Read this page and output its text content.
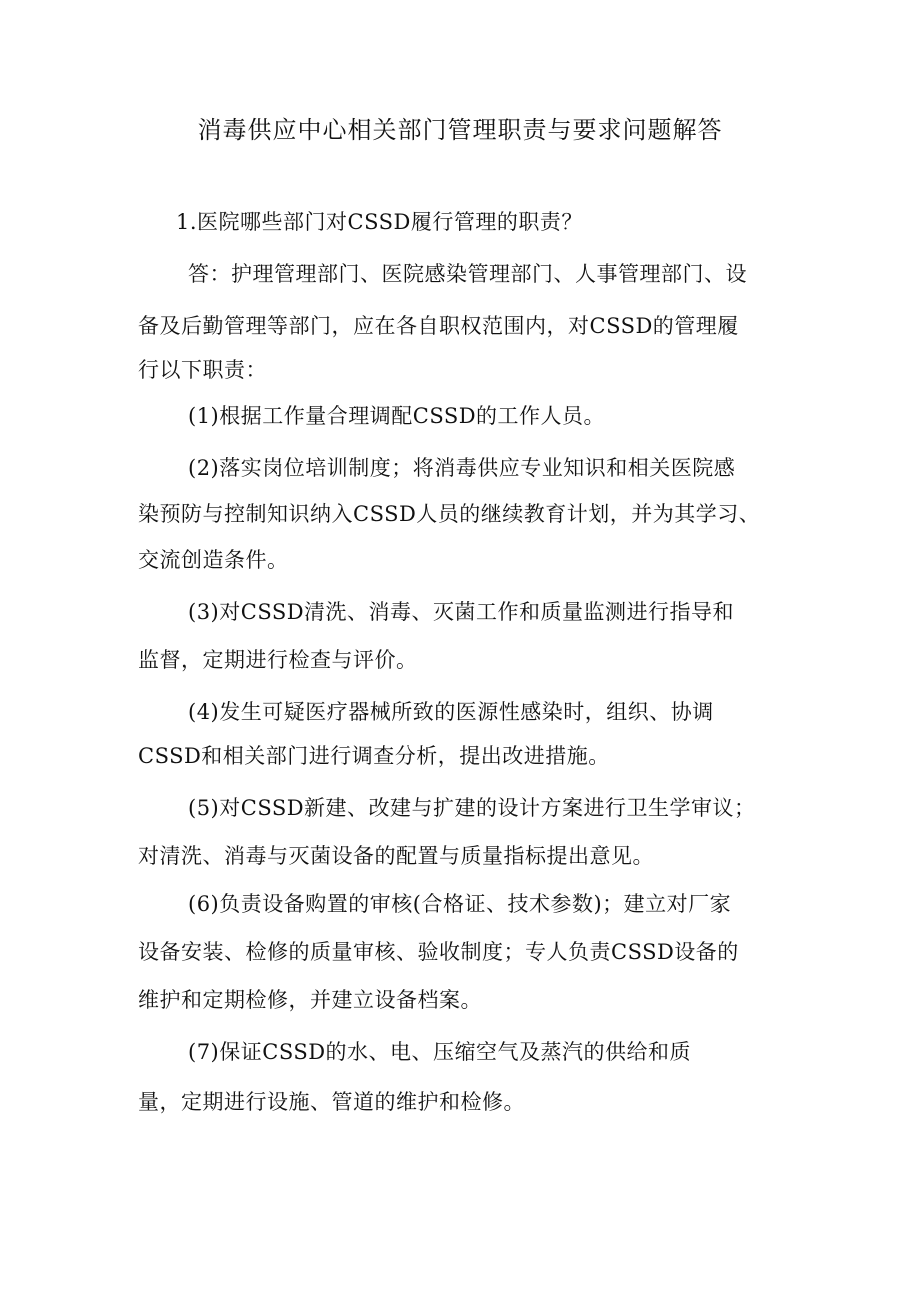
消毒供应中心相关部门管理职责与要求问题解答
1.医院哪些部门对CSSD履行管理的职责？
答：护理管理部门、医院感染管理部门、人事管理部门、设
备及后勤管理等部门，应在各自职权范围内，对CSSD的管理履
行以下职责：
(1)根据工作量合理调配CSSD的工作人员。
(2)落实岗位培训制度；将消毒供应专业知识和相关医院感
染预防与控制知识纳入CSSD人员的继续教育计划，并为其学习、
交流创造条件。
(3)对CSSD清洗、消毒、灭菌工作和质量监测进行指导和
监督，定期进行检查与评价。
(4)发生可疑医疗器械所致的医源性感染时，组织、协调
CSSD和相关部门进行调查分析，提出改进措施。
(5)对CSSD新建、改建与扩建的设计方案进行卫生学审议；
对清洗、消毒与灭菌设备的配置与质量指标提出意见。
(6)负责设备购置的审核(合格证、技术参数)；建立对厂家
设备安装、检修的质量审核、验收制度；专人负责CSSD设备的
维护和定期检修，并建立设备档案。
(7)保证CSSD的水、电、压缩空气及蒸汽的供给和质
量，定期进行设施、管道的维护和检修。
